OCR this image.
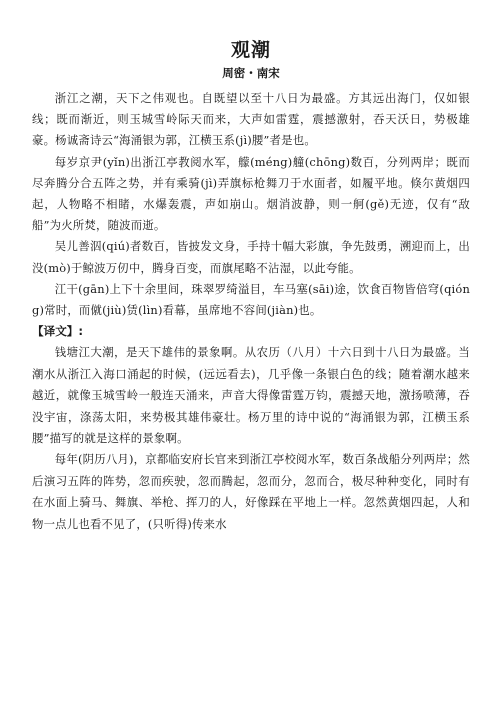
观潮

周密・南宋

浙江之潮，天下之伟观也。自既望以至十八日为最盛。方其远出海门，仅如银线；既而渐近，则玉城雪岭际天而来，大声如雷霆，震撼激射，吞天沃日，势极雄豪。杨诚斋诗云“海涌银为郭，江横玉系(jì)腰”者是也。

每岁京尹(yǐn)出浙江亭教阅水军，艨(méng)艟(chōng)数百，分列两岸；既而尽奔腾分合五阵之势，并有乘骑(jì)弄旗标枪舞刀于水面者，如履平地。倏尔黄烟四起，人物略不相睹，水爆轰震，声如崩山。烟消波静，则一舸(gě)无迹，仅有“敌船”为火所焚，随波而逝。

吴儿善泅(qiú)者数百，皆披发文身，手持十幅大彩旗，争先鼓勇，溯迎而上，出没(mò)于鲸波万仞中，腾身百变，而旗尾略不沾湿，以此夸能。

江干(gān)上下十余里间，珠翠罗绮溢目，车马塞(sāi)途，饮食百物皆倍穹(qióng)常时，而僦(jiù)赁(lìn)看幕，虽席地不容间(jiàn)也。

【译文】:

钱塘江大潮，是天下雄伟的景象啊。从农历（八月）十六日到十八日为最盛。当潮水从浙江入海口涌起的时候，(远远看去)，几乎像一条银白色的线；随着潮水越来越近，就像玉城雪岭一般连天涌来，声音大得像雷霆万钧，震撼天地，激扬喷薄，吞没宇宙，涤荡太阳，来势极其雄伟豪壮。杨万里的诗中说的“海涌银为郭，江横玉系腰”描写的就是这样的景象啊。

每年(阴历八月)，京都临安府长官来到浙江亭校阅水军，数百条战船分列两岸；然后演习五阵的阵势，忽而疾驶，忽而腾起，忽而分，忽而合，极尽种种变化，同时有在水面上骑马、舞旗、举枪、挥刀的人，好像踩在平地上一样。忽然黄烟四起，人和物一点儿也看不见了，(只听得)传来水
